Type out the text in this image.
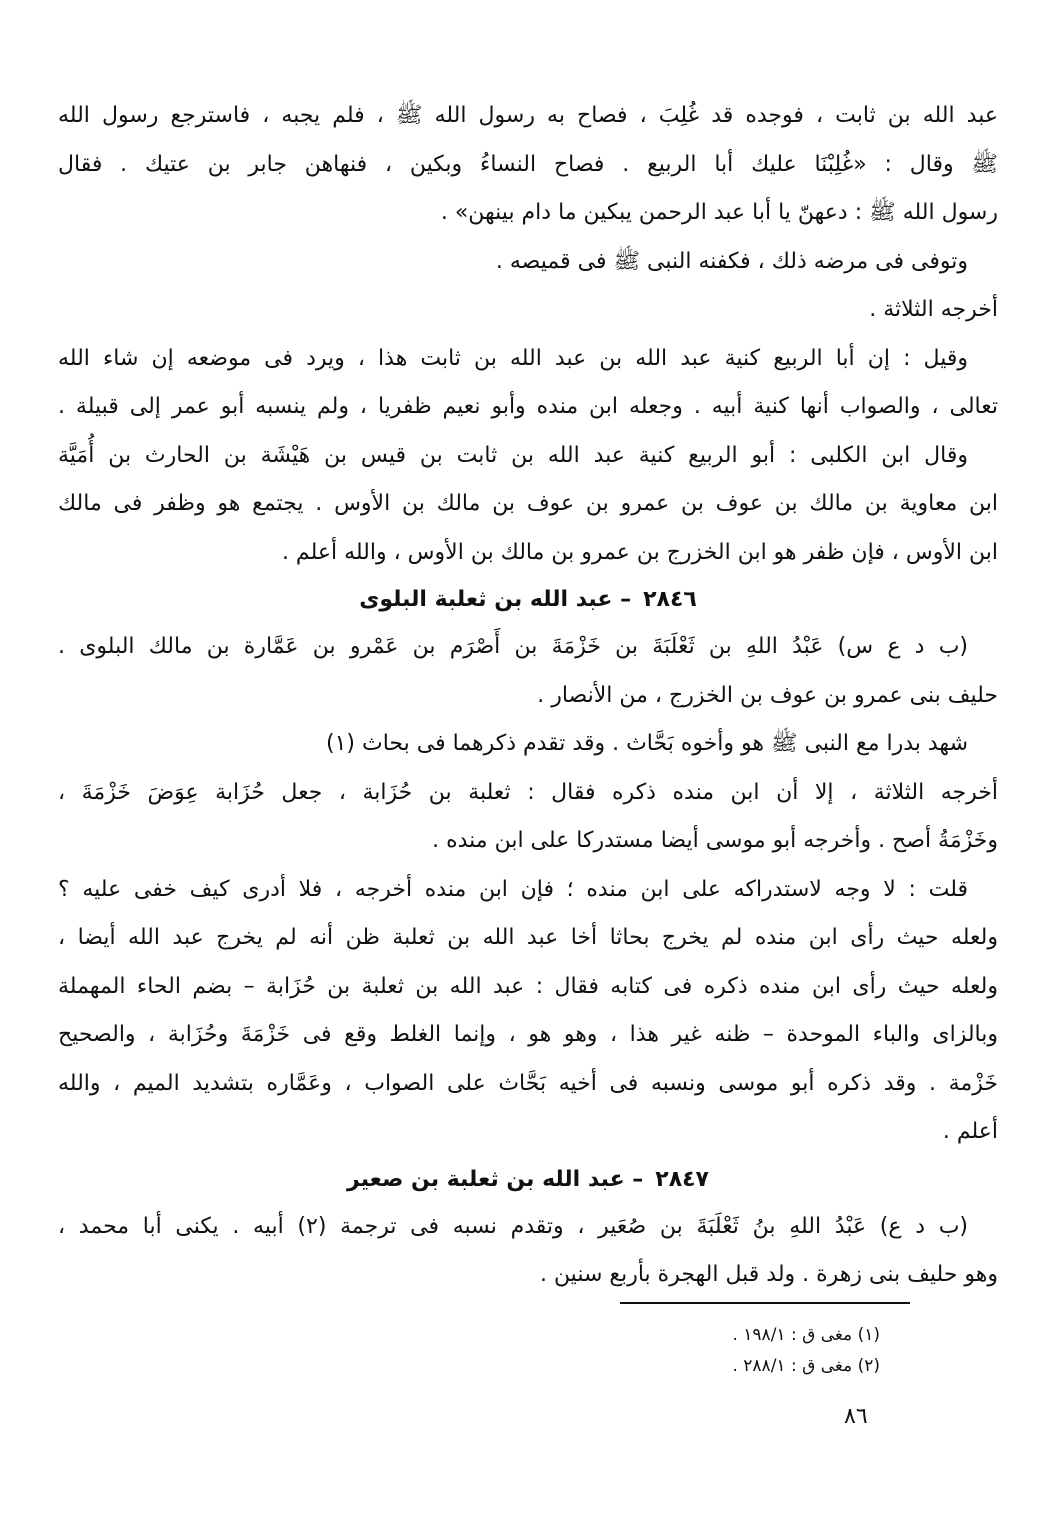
عبد الله بن ثابت ، فوجده قد غُلِبَ ، فصاح به رسول الله ﷺ ، فلم يجبه ، فاسترجع رسول الله
ﷺ وقال : «غُلِبْنَا عليك أبا الربيع . فصاح النساءُ وبكين ، فنهاهن جابر بن عتيك . فقال
رسول الله ﷺ : دعهنّ يا أبا عبد الرحمن يبكين ما دام بينهن» .
وتوفى فى مرضه ذلك ، فكفنه النبى ﷺ فى قميصه .
أخرجه الثلاثة .
وقيل : إن أبا الربيع كنية عبد الله بن عبد الله بن ثابت هذا ، ويرد فى موضعه إن شاء الله
تعالى ، والصواب أنها كنية أبيه . وجعله ابن منده وأبو نعيم ظفريا ، ولم ينسبه أبو عمر إلى قبيلة .
وقال ابن الكلبى : أبو الربيع كنية عبد الله بن ثابت بن قيس بن هَيْشَة بن الحارث بن أُمَيَّة
ابن معاوية بن مالك بن عوف بن عمرو بن عوف بن مالك بن الأوس . يجتمع هو وظفر فى مالك
ابن الأوس ، فإن ظفر هو ابن الخزرج بن عمرو بن مالك بن الأوس ، والله أعلم .
٢٨٤٦– عبد الله بن ثعلبة البلوى
(ب د ع س) عَبْدُ اللهِ بن ثَعْلَبَةَ بن خَزْمَةَ بن أَصْرَم بن عَمْرو بن عَمَّارة بن مالك البلوى .
حليف بنى عمرو بن عوف بن الخزرج ، من الأنصار .
شهد بدرا مع النبى ﷺ هو وأخوه بَحَّاث . وقد تقدم ذكرهما فى بحاث (١)
أخرجه الثلاثة ، إلا أن ابن منده ذكره فقال : ثعلبة بن حُزَابة ، جعل حُزَابة عِوَضَ خَزْمَةَ ،
وخَزْمَةُ أصح . وأخرجه أبو موسى أيضا مستدركا على ابن منده .
قلت : لا وجه لاستدراكه على ابن منده ؛ فإن ابن منده أخرجه ، فلا أدرى كيف خفى عليه ؟
ولعله حيث رأى ابن منده لم يخرج بحاثا أخا عبد الله بن ثعلبة ظن أنه لم يخرج عبد الله أيضا ،
ولعله حيث رأى ابن منده ذكره فى كتابه فقال : عبد الله بن ثعلبة بن حُزَابة – بضم الحاء المهملة
وبالزاى والباء الموحدة – ظنه غير هذا ، وهو هو ، وإنما الغلط وقع فى خَزْمَةَ وحُزَابة ، والصحيح
خَزْمة . وقد ذكره أبو موسى ونسبه فى أخيه بَحَّاث على الصواب ، وعَمَّاره بتشديد الميم ، والله
أعلم .
٢٨٤٧– عبد الله بن ثعلبة بن صعير
(ب د ع) عَبْدُ اللهِ بنُ ثَعْلَبَةَ بن صُعَير ، وتقدم نسبه فى ترجمة (٢) أبيه . يكنى أبا محمد ،
وهو حليف بنى زهرة . ولد قبل الهجرة بأربع سنين .
(١) مغى ق : ١٩٨/١ .
(٢) مغى ق : ٢٨٨/١ .
٨٦
